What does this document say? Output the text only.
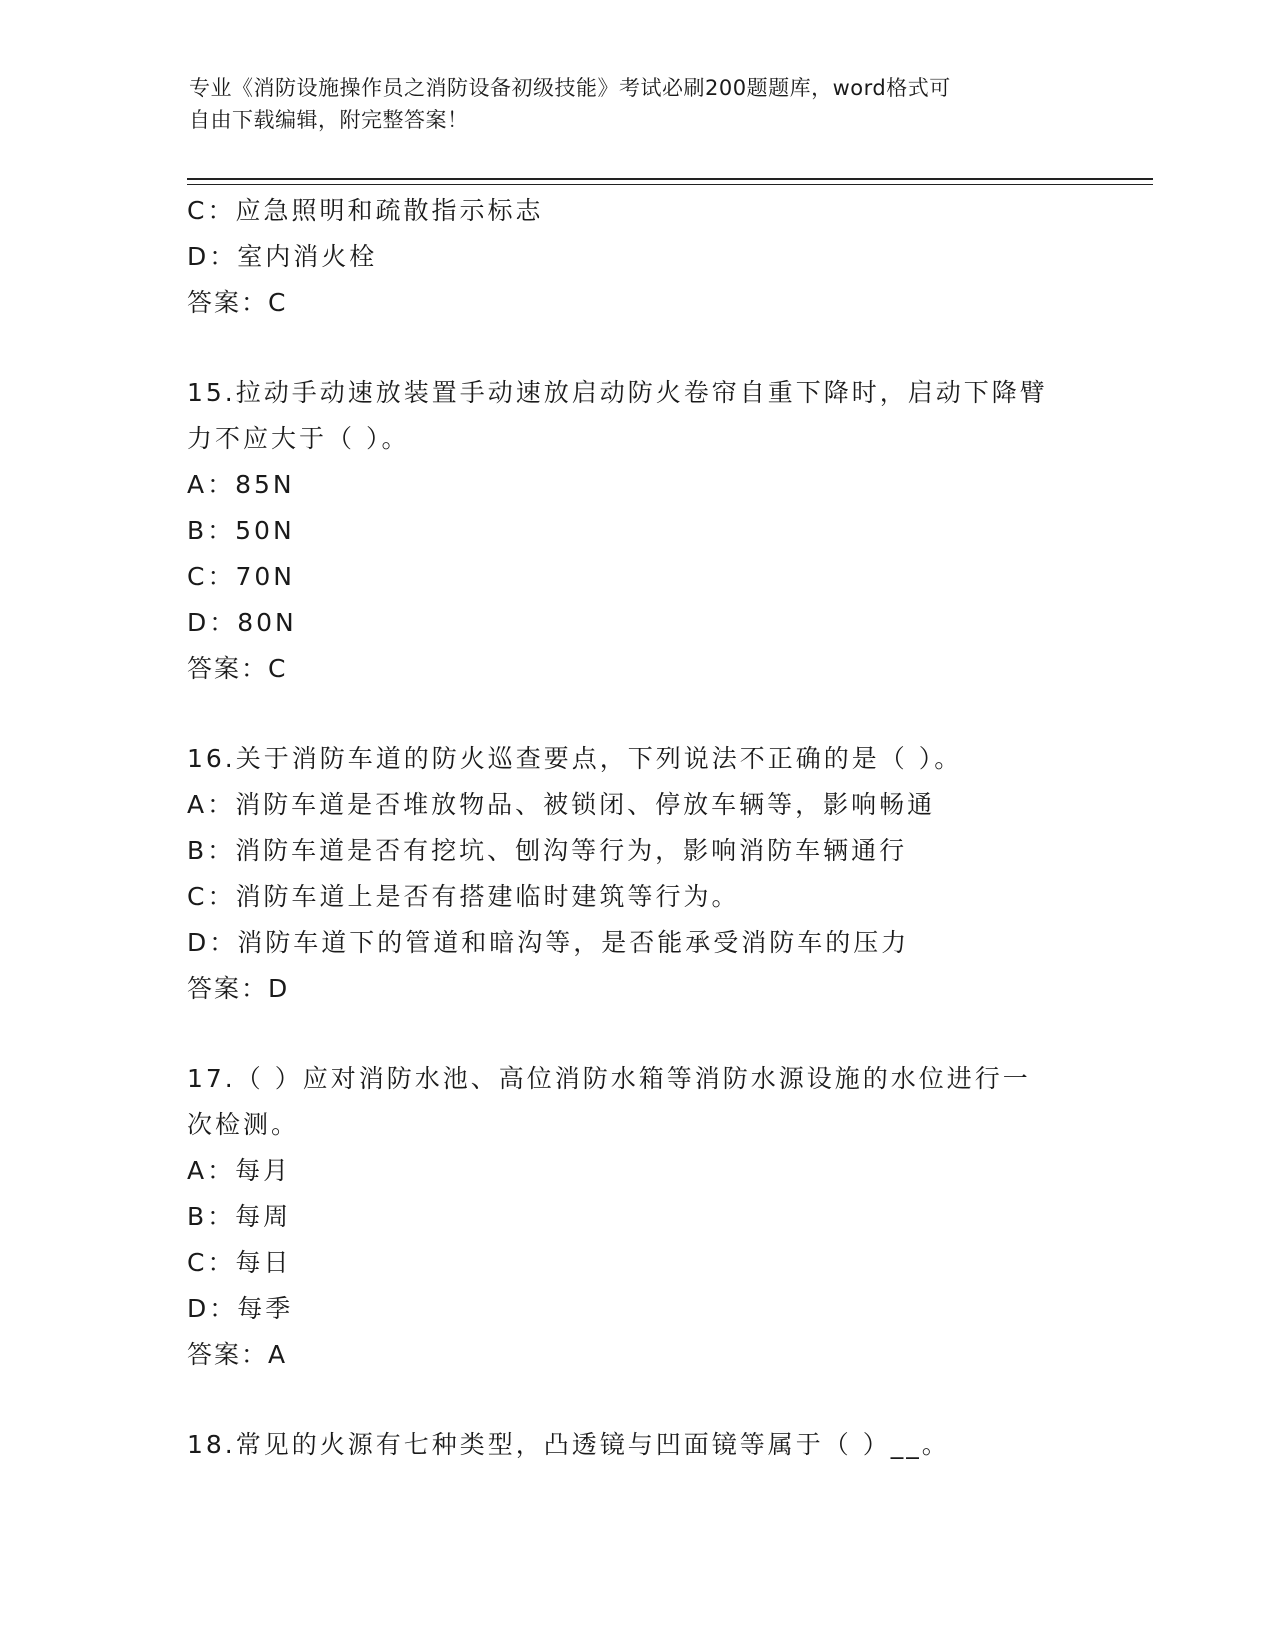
专业《消防设施操作员之消防设备初级技能》考试必刷200题题库，word格式可
自由下载编辑，附完整答案！
C：应急照明和疏散指示标志
D：室内消火栓
答案：C
15.拉动手动速放装置手动速放启动防火卷帘自重下降时，启动下降臂
力不应大于（ ）。
A：85N
B：50N
C：70N
D：80N
答案：C
16.关于消防车道的防火巡查要点，下列说法不正确的是（ ）。
A：消防车道是否堆放物品、被锁闭、停放车辆等，影响畅通
B：消防车道是否有挖坑、刨沟等行为，影响消防车辆通行
C：消防车道上是否有搭建临时建筑等行为。
D：消防车道下的管道和暗沟等，是否能承受消防车的压力
答案：D
17.（ ）应对消防水池、高位消防水箱等消防水源设施的水位进行一
次检测。
A：每月
B：每周
C：每日
D：每季
答案：A
18.常见的火源有七种类型，凸透镜与凹面镜等属于（ ）__。
